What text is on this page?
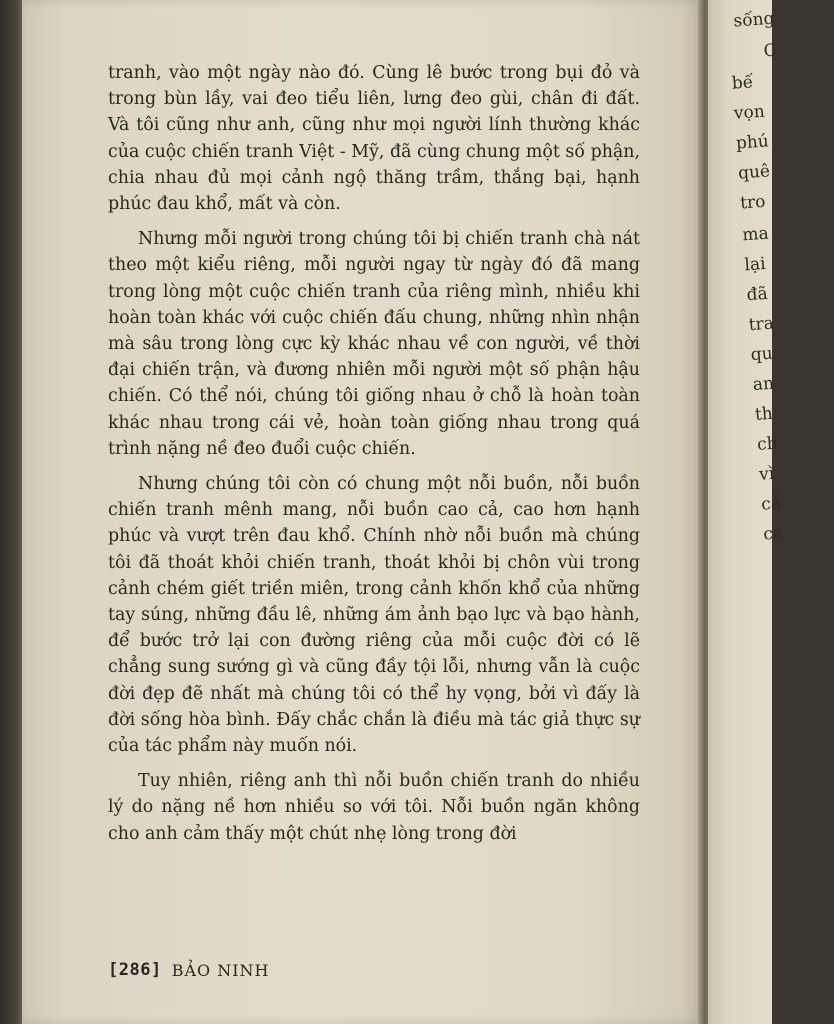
tranh, vào một ngày nào đó. Cùng lê bước trong bụi đỏ và trong bùn lầy, vai đeo tiểu liên, lưng đeo gùi, chân đi đất. Và tôi cũng như anh, cũng như mọi người lính thường khác của cuộc chiến tranh Việt - Mỹ, đã cùng chung một số phận, chia nhau đủ mọi cảnh ngộ thăng trầm, thắng bại, hạnh phúc đau khổ, mất và còn.

Nhưng mỗi người trong chúng tôi bị chiến tranh chà nát theo một kiểu riêng, mỗi người ngay từ ngày đó đã mang trong lòng một cuộc chiến tranh của riêng mình, nhiều khi hoàn toàn khác với cuộc chiến đấu chung, những nhìn nhận mà sâu trong lòng cực kỳ khác nhau về con người, về thời đại chiến trận, và đương nhiên mỗi người một số phận hậu chiến. Có thể nói, chúng tôi giống nhau ở chỗ là hoàn toàn khác nhau trong cái vẻ, hoàn toàn giống nhau trong quá trình nặng nề đeo đuổi cuộc chiến.

Nhưng chúng tôi còn có chung một nỗi buồn, nỗi buồn chiến tranh mênh mang, nỗi buồn cao cả, cao hơn hạnh phúc và vượt trên đau khổ. Chính nhờ nỗi buồn mà chúng tôi đã thoát khỏi chiến tranh, thoát khỏi bị chôn vùi trong cảnh chém giết triền miên, trong cảnh khốn khổ của những tay súng, những đầu lê, những ám ảnh bạo lực và bạo hành, để bước trở lại con đường riêng của mỗi cuộc đời có lẽ chẳng sung sướng gì và cũng đầy tội lỗi, nhưng vẫn là cuộc đời đẹp đẽ nhất mà chúng tôi có thể hy vọng, bởi vì đấy là đời sống hòa bình. Đấy chắc chắn là điều mà tác giả thực sự của tác phẩm này muốn nói.

Tuy nhiên, riêng anh thì nỗi buồn chiến tranh do nhiều lý do nặng nề hơn nhiều so với tôi. Nỗi buồn ngăn không cho anh cảm thấy một chút nhẹ lòng trong đời

[286] BẢO NINH
sống
C
bế
vọn
phú
quê
tro
ma
lại
đã
tra
qu
an
th
ch
vì
cá
cá
